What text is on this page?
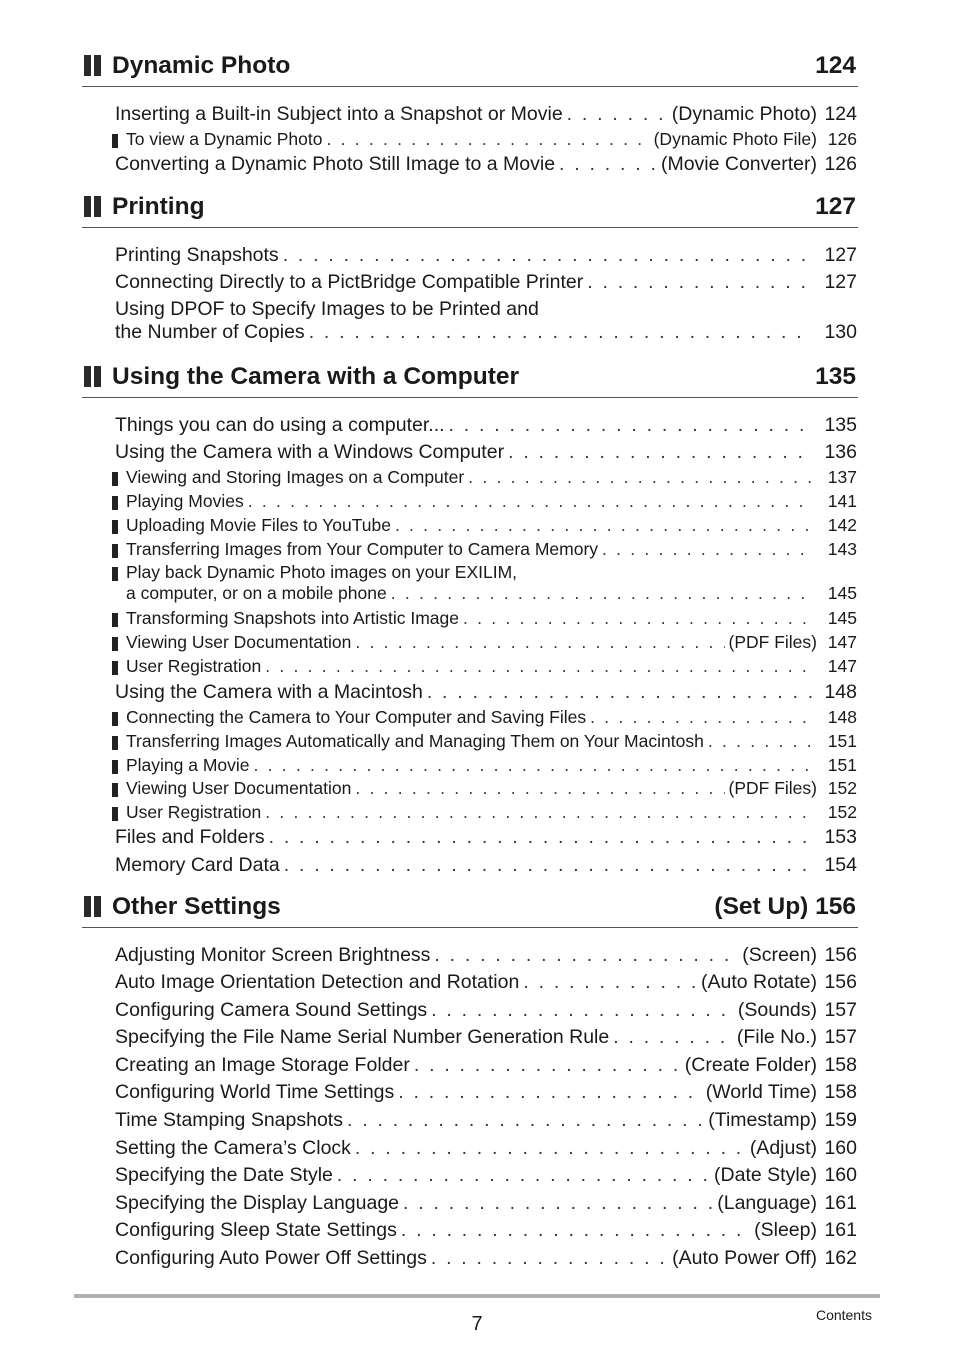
Dynamic Photo	124
Inserting a Built-in Subject into a Snapshot or Movie . . .	(Dynamic Photo) 124
To view a Dynamic Photo . . .	(Dynamic Photo File) 126
Converting a Dynamic Photo Still Image to a Movie . . .	(Movie Converter) 126
Printing	127
Printing Snapshots . . .	127
Connecting Directly to a PictBridge Compatible Printer . . .	127
Using DPOF to Specify Images to be Printed and
the Number of Copies . . .	130
Using the Camera with a Computer	135
Things you can do using a computer... . . .	135
Using the Camera with a Windows Computer . . .	136
Viewing and Storing Images on a Computer . . .	137
Playing Movies . . .	141
Uploading Movie Files to YouTube . . .	142
Transferring Images from Your Computer to Camera Memory . . .	143
Play back Dynamic Photo images on your EXILIM,
a computer, or on a mobile phone . . .	145
Transforming Snapshots into Artistic Image . . .	145
Viewing User Documentation . . .	(PDF Files) 147
User Registration . . .	147
Using the Camera with a Macintosh . . .	148
Connecting the Camera to Your Computer and Saving Files . . .	148
Transferring Images Automatically and Managing Them on Your Macintosh . . .	151
Playing a Movie . . .	151
Viewing User Documentation . . .	(PDF Files) 152
User Registration . . .	152
Files and Folders . . .	153
Memory Card Data . . .	154
Other Settings	(Set Up) 156
Adjusting Monitor Screen Brightness . . .	(Screen) 156
Auto Image Orientation Detection and Rotation . . .	(Auto Rotate) 156
Configuring Camera Sound Settings . . .	(Sounds) 157
Specifying the File Name Serial Number Generation Rule . . .	(File No.) 157
Creating an Image Storage Folder . . .	(Create Folder) 158
Configuring World Time Settings . . .	(World Time) 158
Time Stamping Snapshots . . .	(Timestamp) 159
Setting the Camera’s Clock . . .	(Adjust) 160
Specifying the Date Style . . .	(Date Style) 160
Specifying the Display Language . . .	(Language) 161
Configuring Sleep State Settings . . .	(Sleep) 161
Configuring Auto Power Off Settings . . .	(Auto Power Off) 162
7	Contents
